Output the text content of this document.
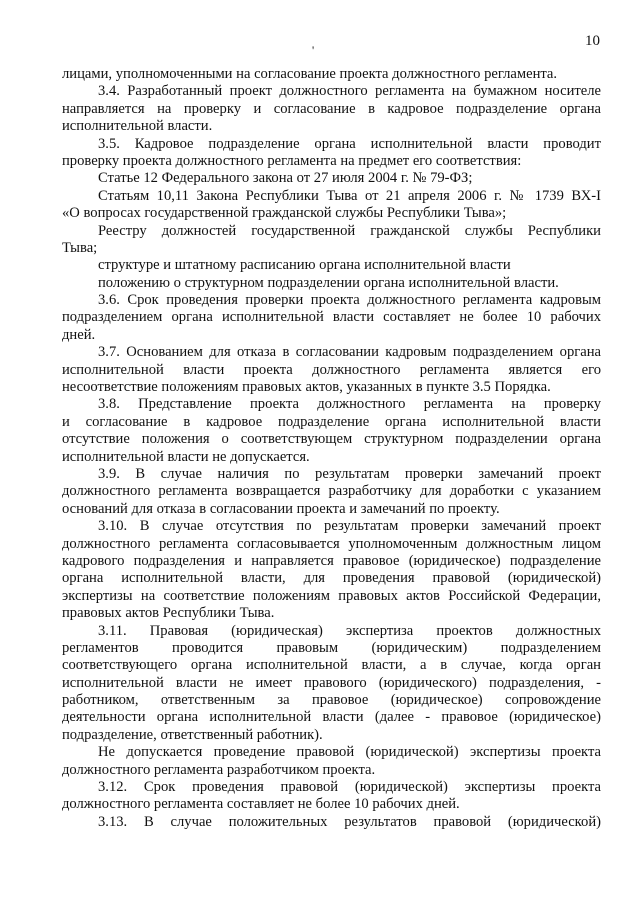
10
'
лицами, уполномоченными на согласование проекта должностного регламента.
3.4. Разработанный проект должностного регламента на бумажном носителе
направляется на проверку и согласование в кадровое подразделение органа
исполнительной власти.
3.5. Кадровое подразделение органа исполнительной власти проводит
проверку проекта должностного регламента на предмет его соответствия:
Статье 12 Федерального закона от 27 июля 2004 г. № 79-ФЗ;
Статьям 10,11 Закона Республики Тыва от 21 апреля 2006 г. № 1739 ВХ-I
«О вопросах государственной гражданской службы Республики Тыва»;
Реестру должностей государственной гражданской службы Республики
Тыва;
структуре и штатному расписанию органа исполнительной власти
положению о структурном подразделении органа исполнительной власти.
3.6. Срок проведения проверки проекта должностного регламента кадровым
подразделением органа исполнительной власти составляет не более 10 рабочих
дней.
3.7. Основанием для отказа в согласовании кадровым подразделением органа
исполнительной власти проекта должностного регламента является его
несоответствие положениям правовых актов, указанных в пункте 3.5 Порядка.
3.8. Представление проекта должностного регламента на проверку
и согласование в кадровое подразделение органа исполнительной власти
отсутствие положения о соответствующем структурном подразделении органа
исполнительной власти не допускается.
3.9. В случае наличия по результатам проверки замечаний проект
должностного регламента возвращается разработчику для доработки с указанием
оснований для отказа в согласовании проекта и замечаний по проекту.
3.10. В случае отсутствия по результатам проверки замечаний проект
должностного регламента согласовывается уполномоченным должностным лицом
кадрового подразделения и направляется правовое (юридическое) подразделение
органа исполнительной власти, для проведения правовой (юридической)
экспертизы на соответствие положениям правовых актов Российской Федерации,
правовых актов Республики Тыва.
3.11. Правовая (юридическая) экспертиза проектов должностных
регламентов проводится правовым (юридическим) подразделением
соответствующего органа исполнительной власти, а в случае, когда орган
исполнительной власти не имеет правового (юридического) подразделения, -
работником, ответственным за правовое (юридическое) сопровождение
деятельности органа исполнительной власти (далее - правовое (юридическое)
подразделение, ответственный работник).
Не допускается проведение правовой (юридической) экспертизы проекта
должностного регламента разработчиком проекта.
3.12. Срок проведения правовой (юридической) экспертизы проекта
должностного регламента составляет не более 10 рабочих дней.
3.13. В случае положительных результатов правовой (юридической)
